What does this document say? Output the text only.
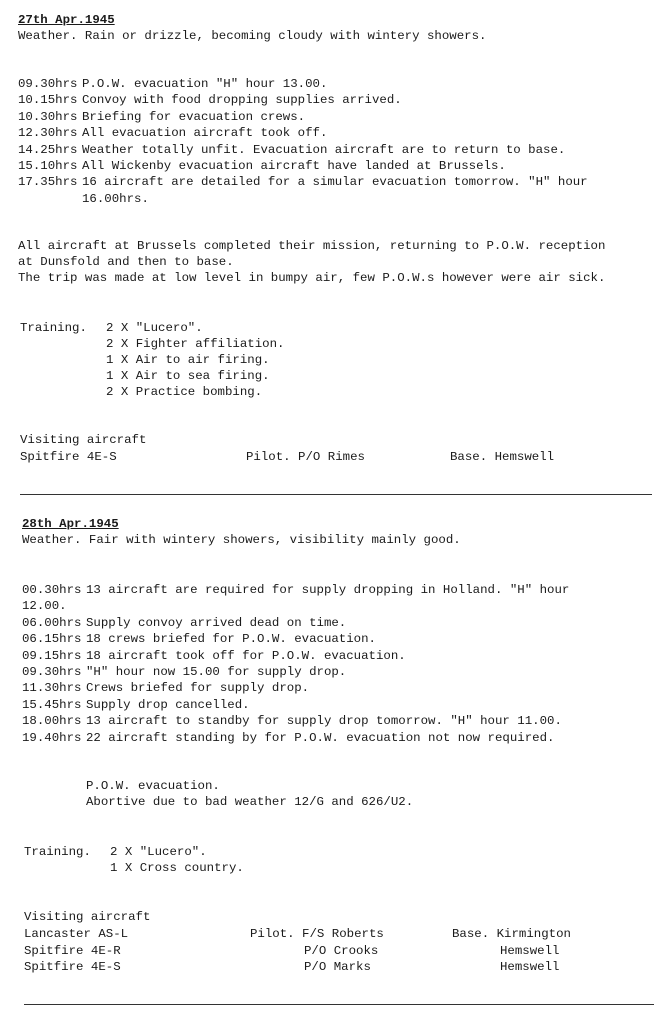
27th Apr.1945
Weather. Rain or drizzle, becoming cloudy with wintery showers.
09.30hrs P.O.W. evacuation "H" hour 13.00.
10.15hrs Convoy with food dropping supplies arrived.
10.30hrs Briefing for evacuation crews.
12.30hrs All evacuation aircraft took off.
14.25hrs Weather totally unfit. Evacuation aircraft are to return to base.
15.10hrs All Wickenby evacuation aircraft have landed at Brussels.
17.35hrs 16 aircraft are detailed for a simular evacuation tomorrow. "H" hour
16.00hrs.
All aircraft at Brussels completed their mission, returning to P.O.W. reception
at Dunsfold and then to base.
The trip was made at low level in bumpy air, few P.O.W.s however were air sick.
Training. 2 X "Lucero".
2 X Fighter affiliation.
1 X Air to air firing.
1 X Air to sea firing.
2 X Practice bombing.
Visiting aircraft
Spitfire 4E-S	Pilot. P/O Rimes	Base. Hemswell
28th Apr.1945
Weather. Fair with wintery showers, visibility mainly good.
00.30hrs 13 aircraft are required for supply dropping in Holland. "H" hour
12.00.
06.00hrs Supply convoy arrived dead on time.
06.15hrs 18 crews briefed for P.O.W. evacuation.
09.15hrs 18 aircraft took off for P.O.W. evacuation.
09.30hrs "H" hour now 15.00 for supply drop.
11.30hrs Crews briefed for supply drop.
15.45hrs Supply drop cancelled.
18.00hrs 13 aircraft to standby for supply drop tomorrow. "H" hour 11.00.
19.40hrs 22 aircraft standing by for P.O.W. evacuation not now required.
P.O.W. evacuation.
Abortive due to bad weather 12/G and 626/U2.
Training. 2 X "Lucero".
1 X Cross country.
Visiting aircraft
Lancaster AS-L	Pilot. F/S Roberts	Base. Kirmington
Spitfire 4E-R	P/O Crooks	Hemswell
Spitfire 4E-S	P/O Marks	Hemswell
